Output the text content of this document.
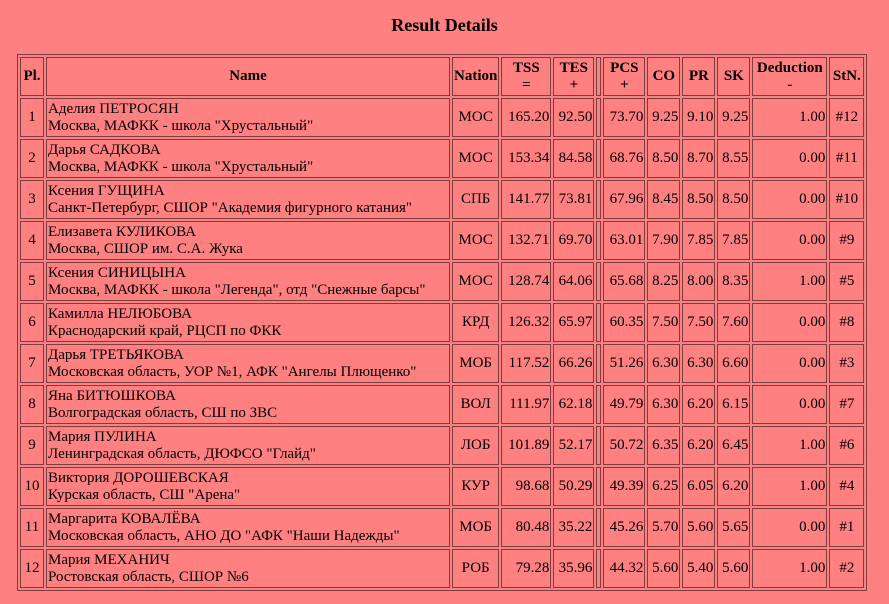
Result Details
Pl.	Name	Nation	TSS
=	TES
+		PCS
+	CO	PR	SK	Deduction
-	StN.
1	Аделия ПЕТРОСЯН
Москва, МАФКК - школа "Хрустальный"	МОС	165.20	92.50		73.70	9.25	9.10	9.25	1.00	#12
2	Дарья САДКОВА
Москва, МАФКК - школа "Хрустальный"	МОС	153.34	84.58		68.76	8.50	8.70	8.55	0.00	#11
3	Ксения ГУЩИНА
Санкт-Петербург, СШОР "Академия фигурного катания"	СПБ	141.77	73.81		67.96	8.45	8.50	8.50	0.00	#10
4	Елизавета КУЛИКОВА
Москва, СШОР им. С.А. Жука	МОС	132.71	69.70		63.01	7.90	7.85	7.85	0.00	#9
5	Ксения СИНИЦЫНА
Москва, МАФКК - школа "Легенда", отд "Снежные барсы"	МОС	128.74	64.06		65.68	8.25	8.00	8.35	1.00	#5
6	Камилла НЕЛЮБОВА
Краснодарский край, РЦСП по ФКК	КРД	126.32	65.97		60.35	7.50	7.50	7.60	0.00	#8
7	Дарья ТРЕТЬЯКОВА
Московская область, УОР №1, АФК "Ангелы Плющенко"	МОБ	117.52	66.26		51.26	6.30	6.30	6.60	0.00	#3
8	Яна БИТЮШКОВА
Волгоградская область, СШ по ЗВС	ВОЛ	111.97	62.18		49.79	6.30	6.20	6.15	0.00	#7
9	Мария ПУЛИНА
Ленинградская область, ДЮФСО "Глайд"	ЛОБ	101.89	52.17		50.72	6.35	6.20	6.45	1.00	#6
10	Виктория ДОРОШЕВСКАЯ
Курская область, СШ "Арена"	КУР	98.68	50.29		49.39	6.25	6.05	6.20	1.00	#4
11	Маргарита КОВАЛЁВА
Московская область, АНО ДО "АФК "Наши Надежды"	МОБ	80.48	35.22		45.26	5.70	5.60	5.65	0.00	#1
12	Мария МЕХАНИЧ
Ростовская область, СШОР №6	РОБ	79.28	35.96		44.32	5.60	5.40	5.60	1.00	#2
